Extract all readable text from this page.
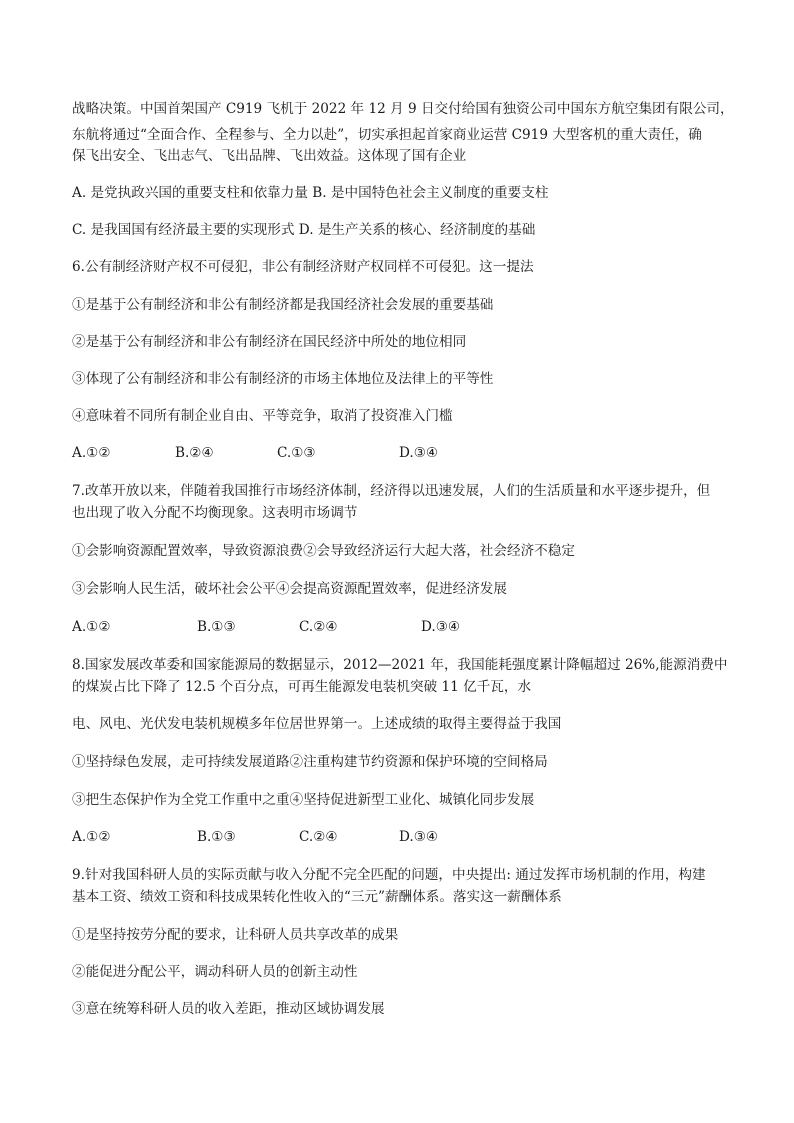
战略决策。中国首架国产 C919 飞机于 2022 年 12 月 9 日交付给国有独资公司中国东方航空集团有限公司，
东航将通过“全面合作、全程参与、全力以赴”，切实承担起首家商业运营 C919 大型客机的重大责任，确
保飞出安全、飞出志气、飞出品牌、飞出效益。这体现了国有企业
A. 是党执政兴国的重要支柱和依靠力量 B. 是中国特色社会主义制度的重要支柱
C. 是我国国有经济最主要的实现形式 D. 是生产关系的核心、经济制度的基础
6.公有制经济财产权不可侵犯，非公有制经济财产权同样不可侵犯。这一提法
①是基于公有制经济和非公有制经济都是我国经济社会发展的重要基础
②是基于公有制经济和非公有制经济在国民经济中所处的地位相同
③体现了公有制经济和非公有制经济的市场主体地位及法律上的平等性
④意味着不同所有制企业自由、平等竞争，取消了投资准入门槛
A.①②	B.②④	C.①③	D.③④
7.改革开放以来，伴随着我国推行市场经济体制，经济得以迅速发展，人们的生活质量和水平逐步提升，但
也出现了收入分配不均衡现象。这表明市场调节
①会影响资源配置效率，导致资源浪费②会导致经济运行大起大落，社会经济不稳定
③会影响人民生活，破坏社会公平④会提高资源配置效率，促进经济发展
A.①②	B.①③	C.②④	D.③④
8.国家发展改革委和国家能源局的数据显示，2012—2021 年，我国能耗强度累计降幅超过 26%,能源消费中
的煤炭占比下降了 12.5 个百分点，可再生能源发电装机突破 11 亿千瓦，水
电、风电、光伏发电装机规模多年位居世界第一。上述成绩的取得主要得益于我国
①坚持绿色发展，走可持续发展道路②注重构建节约资源和保护环境的空间格局
③把生态保护作为全党工作重中之重④坚持促进新型工业化、城镇化同步发展
A.①②	B.①③	C.②④	D.③④
9.针对我国科研人员的实际贡献与收入分配不完全匹配的问题，中央提出: 通过发挥市场机制的作用，构建
基本工资、绩效工资和科技成果转化性收入的“三元”薪酬体系。落实这一薪酬体系
①是坚持按劳分配的要求，让科研人员共享改革的成果
②能促进分配公平，调动科研人员的创新主动性
③意在统筹科研人员的收入差距，推动区域协调发展
